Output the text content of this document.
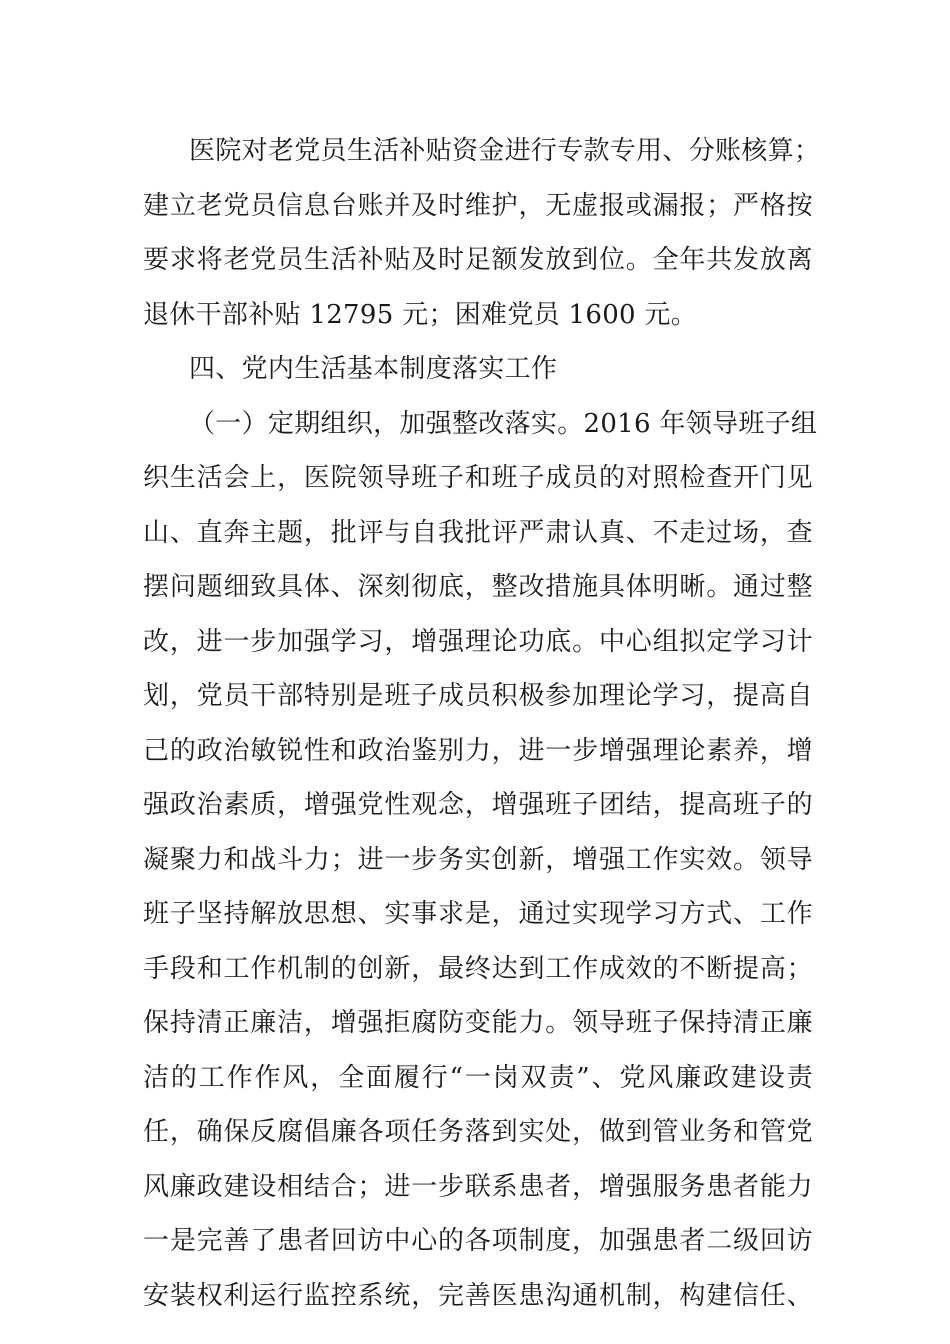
医院对老党员生活补贴资金进行专款专用、分账核算；
建立老党员信息台账并及时维护，无虚报或漏报；严格按
要求将老党员生活补贴及时足额发放到位。全年共发放离
退休干部补贴 12795 元；困难党员 1600 元。
四、党内生活基本制度落实工作
（一）定期组织，加强整改落实。2016 年领导班子组
织生活会上，医院领导班子和班子成员的对照检查开门见
山、直奔主题，批评与自我批评严肃认真、不走过场，查
摆问题细致具体、深刻彻底，整改措施具体明晰。通过整
改，进一步加强学习，增强理论功底。中心组拟定学习计
划，党员干部特别是班子成员积极参加理论学习，提高自
己的政治敏锐性和政治鉴别力，进一步增强理论素养，增
强政治素质，增强党性观念，增强班子团结，提高班子的
凝聚力和战斗力；进一步务实创新，增强工作实效。领导
班子坚持解放思想、实事求是，通过实现学习方式、工作
手段和工作机制的创新，最终达到工作成效的不断提高；
保持清正廉洁，增强拒腐防变能力。领导班子保持清正廉
洁的工作作风，全面履行“一岗双责”、党风廉政建设责
任，确保反腐倡廉各项任务落到实处，做到管业务和管党
风廉政建设相结合；进一步联系患者，增强服务患者能力
一是完善了患者回访中心的各项制度，加强患者二级回访
安装权利运行监控系统，完善医患沟通机制，构建信任、
